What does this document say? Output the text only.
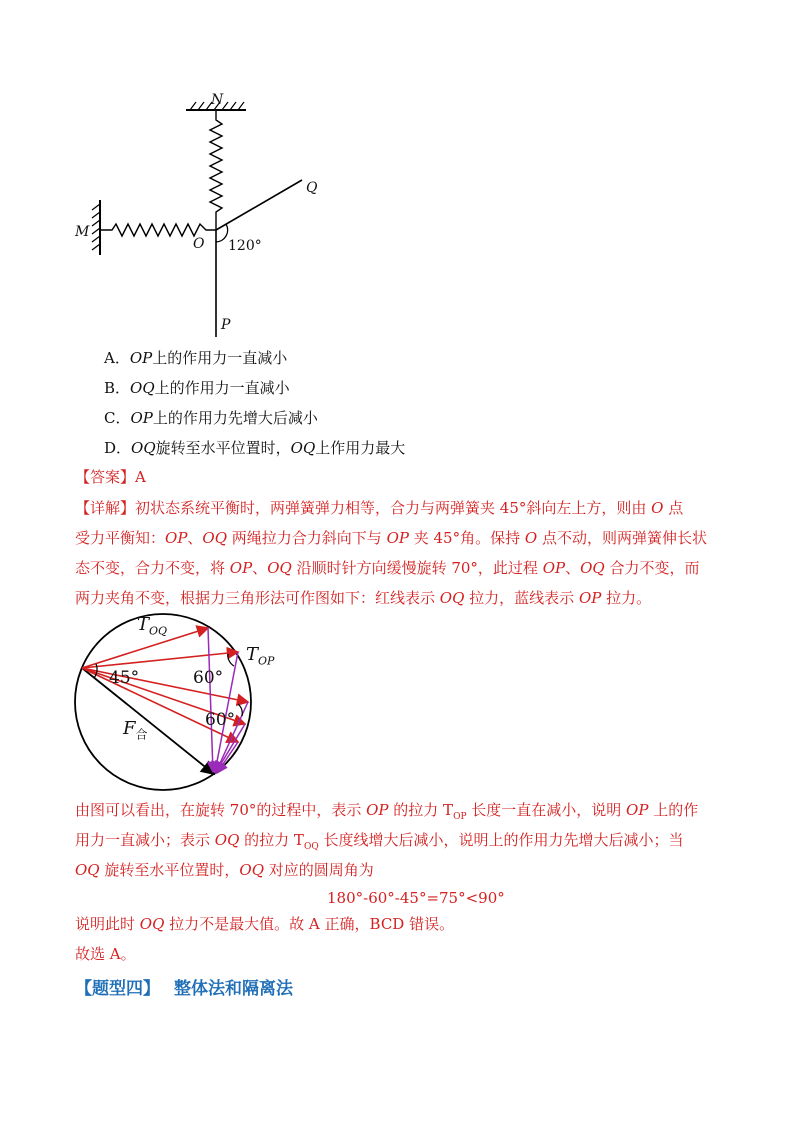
N
Q
M
O 120°
P
A．OP上的作用力一直减小
B．OQ上的作用力一直减小
C．OP上的作用力先增大后减小
D．OQ旋转至水平位置时，OQ上作用力最大
【答案】A
【详解】初状态系统平衡时，两弹簧弹力相等，合力与两弹簧夹 45°斜向左上方，则由 O 点
受力平衡知：OP、OQ 两绳拉力合力斜向下与 OP 夹 45°角。保持 O 点不动，则两弹簧伸长状
态不变，合力不变，将 OP、OQ 沿顺时针方向缓慢旋转 70°，此过程 OP、OQ 合力不变，而
两力夹角不变，根据力三角形法可作图如下：红线表示 OQ 拉力，蓝线表示 OP 拉力。
$T_{OQ}$
$T_{OP}$
45°	60°
60°
$F_合$
由图可以看出，在旋转 70°的过程中，表示 OP 的拉力 $T_{OP}$ 长度一直在减小，说明 OP 上的作
用力一直减小；表示 OQ 的拉力 $T_{OQ}$ 长度线增大后减小，说明上的作用力先增大后减小；当
OQ 旋转至水平位置时，OQ 对应的圆周角为
180°-60°-45°=75°<90°
说明此时 OQ 拉力不是最大值。故 A 正确，BCD 错误。
故选 A。
【题型四】 整体法和隔离法
